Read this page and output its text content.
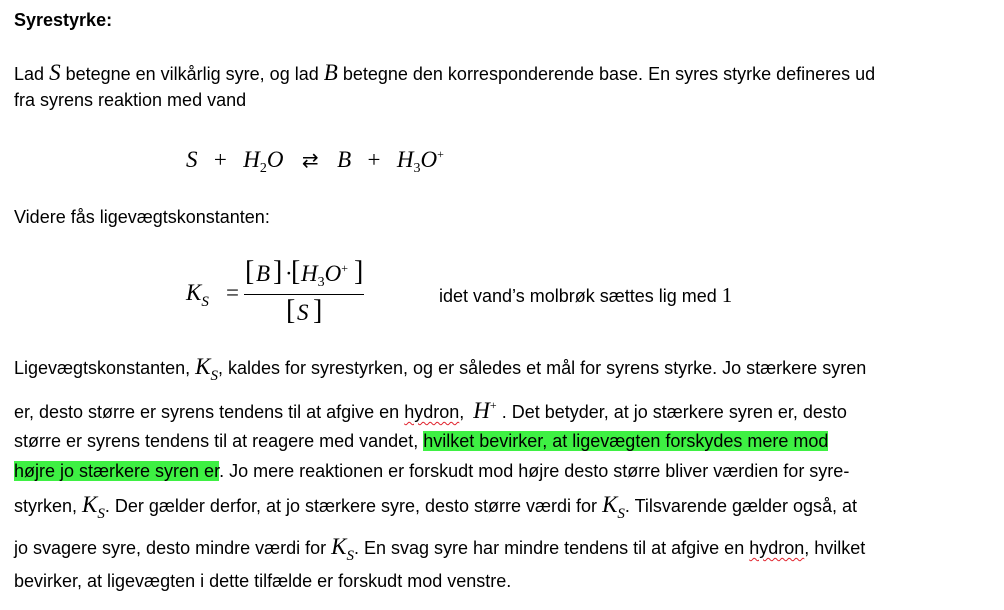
Syrestyrke:
Lad S betegne en vilkårlig syre, og lad B betegne den korresponderende base. En syres styrke defineres ud
fra syrens reaktion med vand
$S + H_2O$ ⇄ $B + H_3O^+$
Videre fås ligevægtskonstanten:
$K_S$ =
[ B ] ·
[ $H_3O^+$ ]
[ S ]	idet vand’s molbrøk sættes lig med 1
Ligevægtskonstanten, $K_S$, kaldes for syrestyrken, og er således et mål for syrens styrke. Jo stærkere syren
er, desto større er syrens tendens til at afgive en hydron, H+ . Det betyder, at jo stærkere syren er, desto
større er syrens tendens til at reagere med vandet, hvilket bevirker, at ligevægten forskydes mere mod
højre jo stærkere syren er. Jo mere reaktionen er forskudt mod højre desto større bliver værdien for syre-
styrken, $K_S$. Der gælder derfor, at jo stærkere syre, desto større værdi for $K_S$. Tilsvarende gælder også, at
jo svagere syre, desto mindre værdi for $K_S$. En svag syre har mindre tendens til at afgive en hydron, hvilket
bevirker, at ligevægten i dette tilfælde er forskudt mod venstre.
